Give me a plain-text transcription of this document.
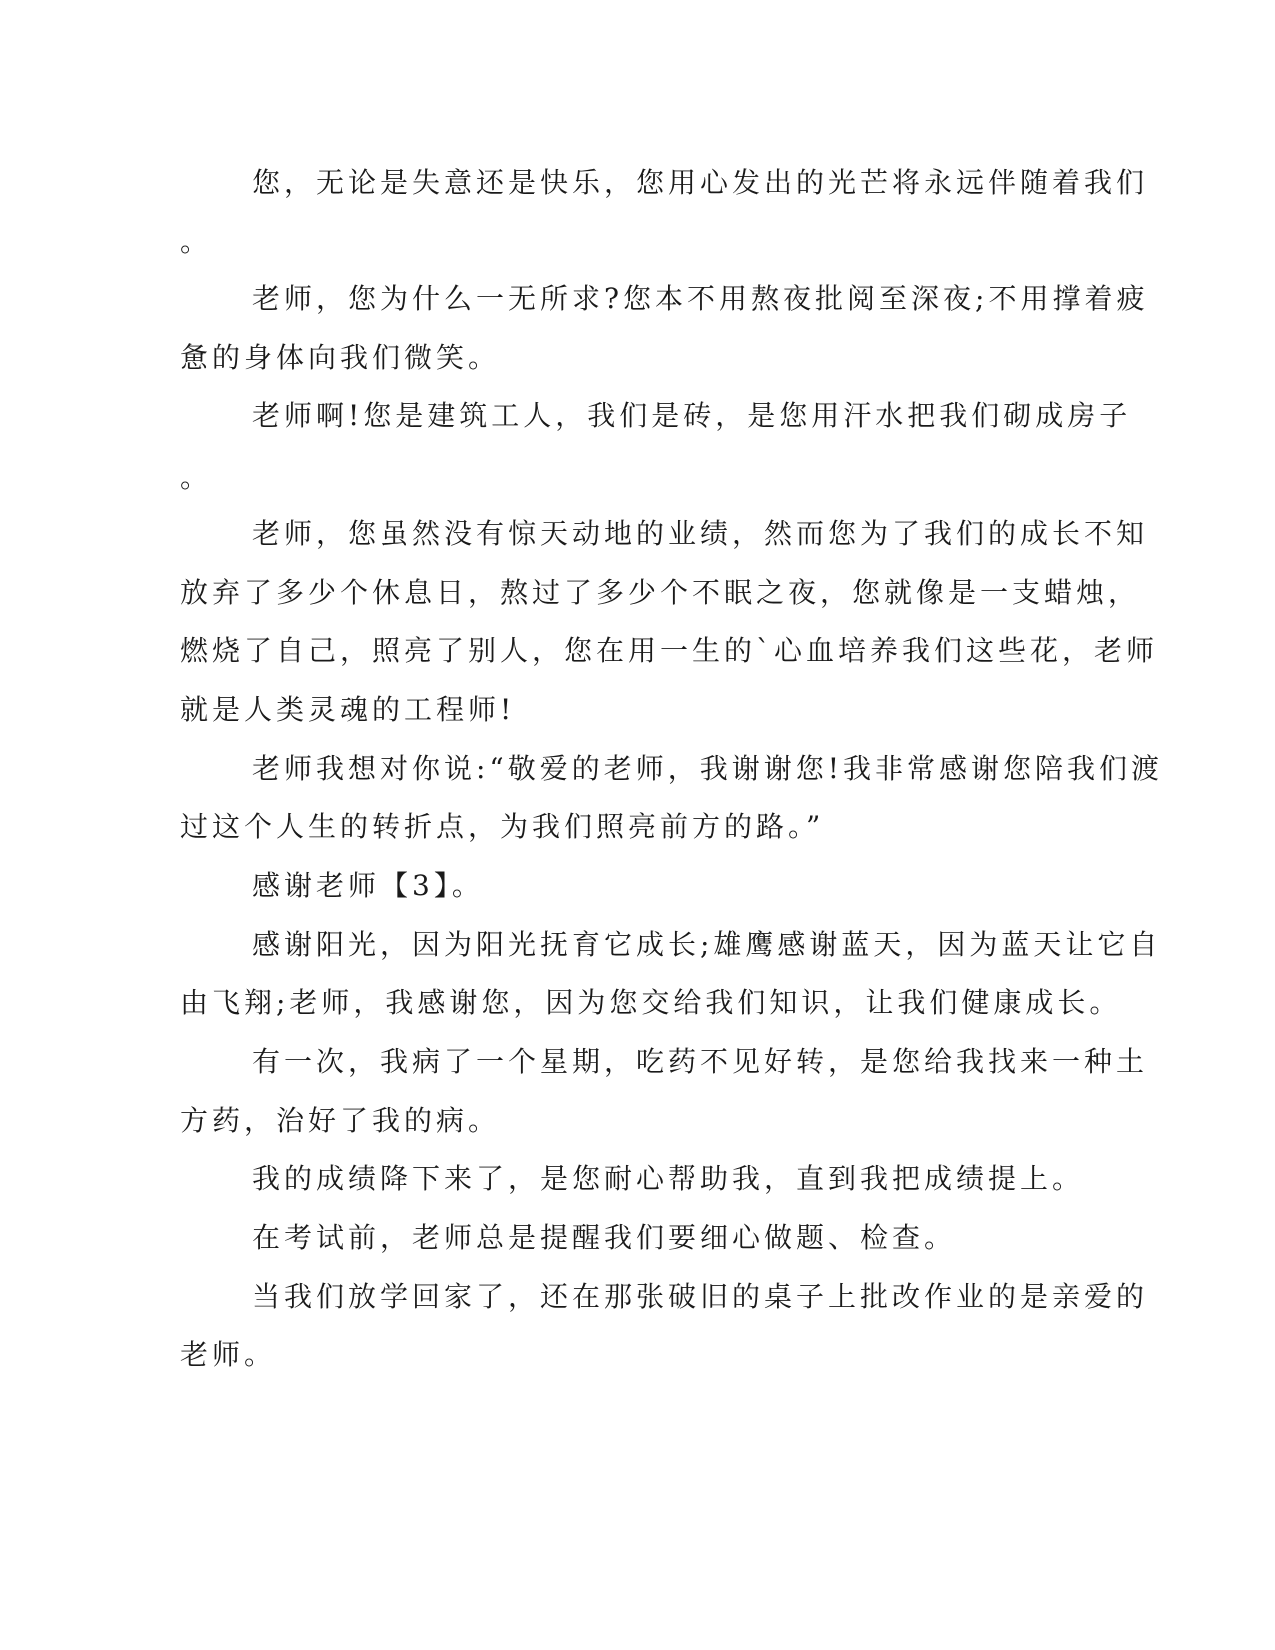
您，无论是失意还是快乐，您用心发出的光芒将永远伴随着我们

。

老师，您为什么一无所求?您本不用熬夜批阅至深夜;不用撑着疲

惫的身体向我们微笑。

老师啊!您是建筑工人，我们是砖，是您用汗水把我们砌成房子

。

老师，您虽然没有惊天动地的业绩，然而您为了我们的成长不知

放弃了多少个休息日，熬过了多少个不眠之夜，您就像是一支蜡烛，

燃烧了自己，照亮了别人，您在用一生的`心血培养我们这些花，老师

就是人类灵魂的工程师!

老师我想对你说:“敬爱的老师，我谢谢您!我非常感谢您陪我们渡

过这个人生的转折点，为我们照亮前方的路。”

感谢老师【3】。

感谢阳光，因为阳光抚育它成长;雄鹰感谢蓝天，因为蓝天让它自

由飞翔;老师，我感谢您，因为您交给我们知识，让我们健康成长。

有一次，我病了一个星期，吃药不见好转，是您给我找来一种土

方药，治好了我的病。

我的成绩降下来了，是您耐心帮助我，直到我把成绩提上。

在考试前，老师总是提醒我们要细心做题、检查。

当我们放学回家了，还在那张破旧的桌子上批改作业的是亲爱的

老师。
